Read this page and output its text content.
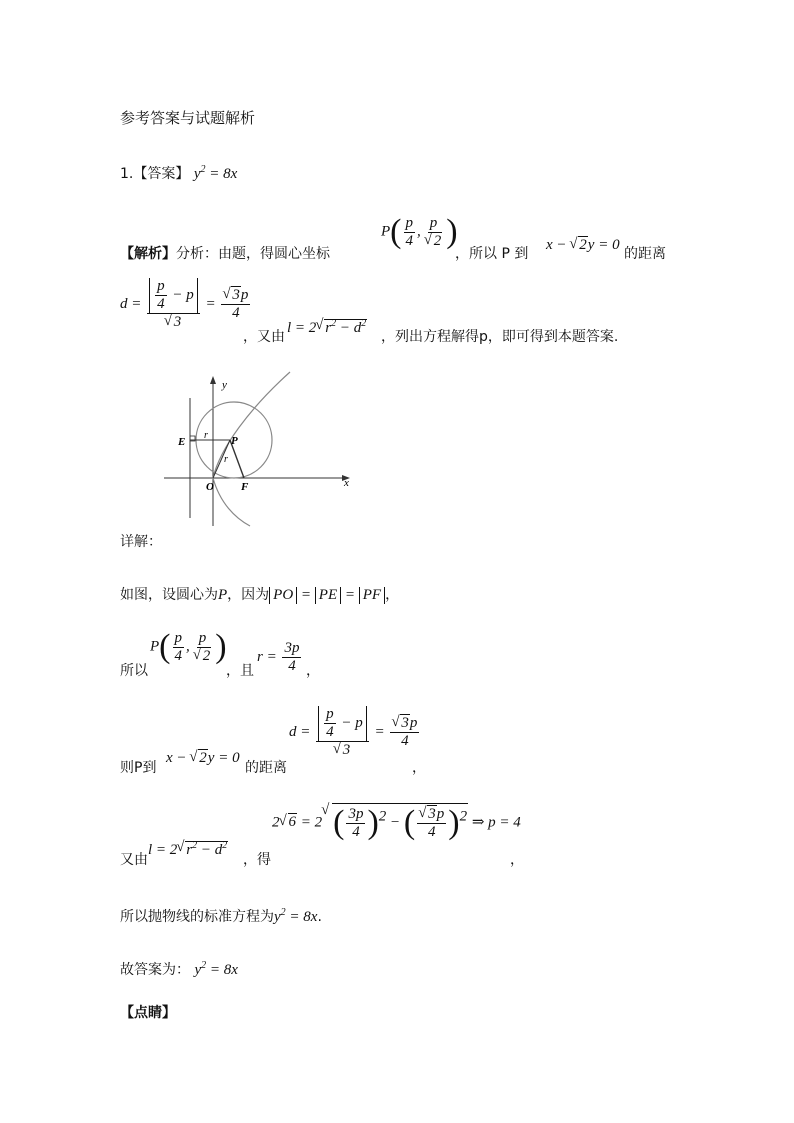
参考答案与试题解析
1.【答案】 $y^2 = 8x$
【解析】分析：由题，得圆心坐标
$P( \frac{p}{4}$ , p
√ 2 )
，所以 P 到
x − √ 2y = 0
的距离
$d = \frac{p}{4} - p$
√ 3 = √ $\frac{3p}{4}$
，又由
l = 2 √ $r^2 - d^2$
，列出方程解得p，即可得到本题答案.
y
x
E	P
O F
r
r
详解：
如图，设圆心为P，因为 PO = PE = PF ，
所以
$P( \frac{p}{4}$ , p
√ 2 )
，且
$r = \frac{3p}{4}$ ，
则P到
x − √ 2y = 0
的距离
$d = \frac{p}{4} - p$
√ 3 = √ $\frac{3p}{4}$
，
又由
l = 2 √ $r^2 - d^2$
，得
2 √ 6 = 2 √ ( $\frac{3p}{4} )^2$ − ( √ $\frac{3p}{4} )^2$ ⇒ p = 4
，
所以抛物线的标准方程为$y^2 = 8x$.
故答案为： $y^2 = 8x$
【点睛】
